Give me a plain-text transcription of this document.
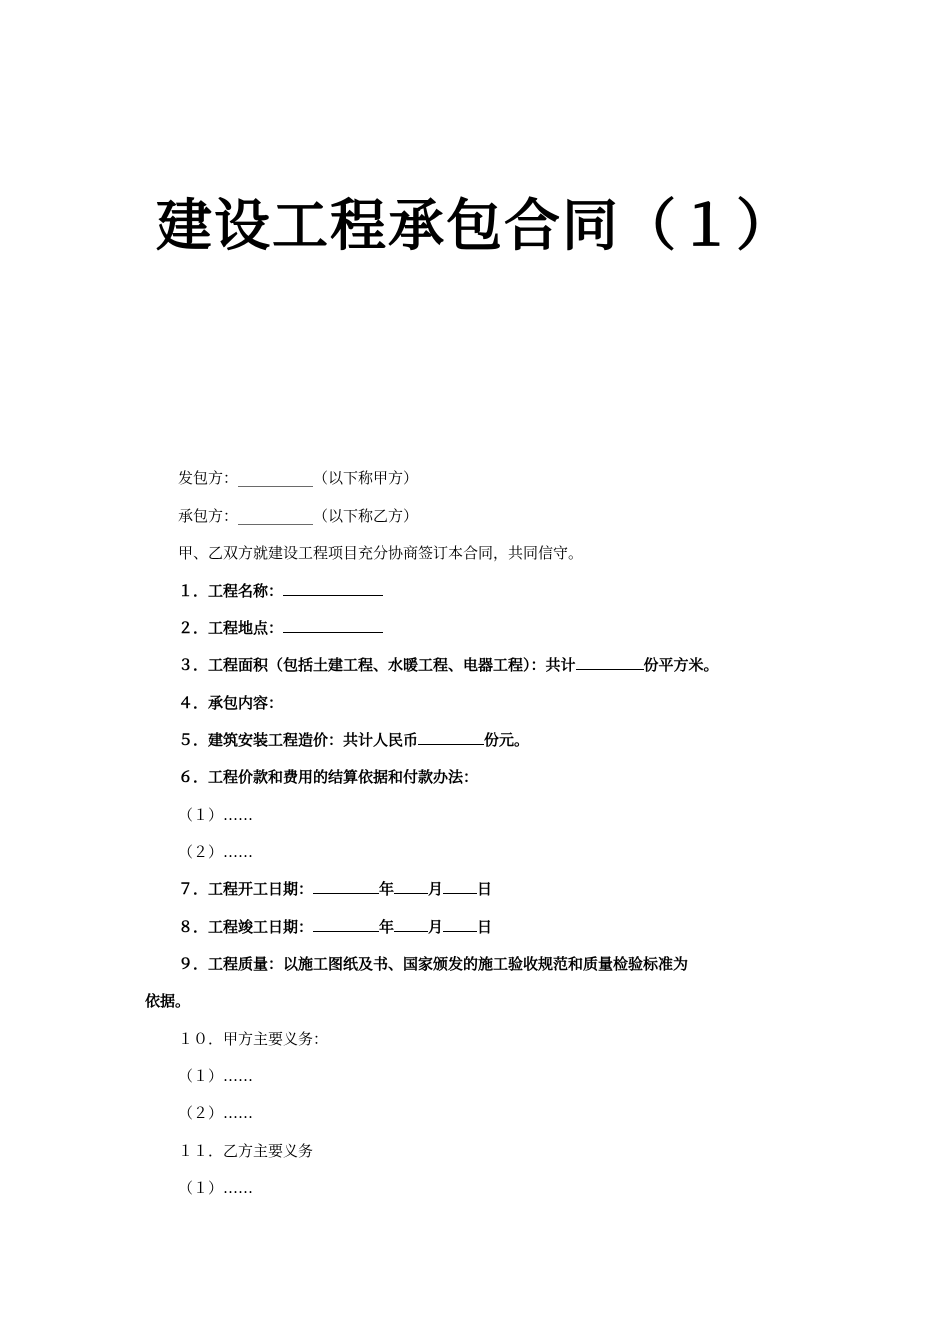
建设工程承包合同（１）
发包方：__________（以下称甲方）
承包方：__________（以下称乙方）
甲、乙双方就建设工程项目充分协商签订本合同，共同信守。
１．工程名称：
２．工程地点：
３．工程面积（包括土建工程、水暖工程、电器工程）：共计	份平方米。
４．承包内容：
５．建筑安装工程造价：共计人民币	份元。
６．工程价款和费用的结算依据和付款办法：
（１）……
（２）……
７．工程开工日期：	年 月 日
８．工程竣工日期：	年 月 日
９．工程质量：以施工图纸及书、国家颁发的施工验收规范和质量检验标准为
依据。
１０．甲方主要义务：
（１）……
（２）……
１１．乙方主要义务
（１）……
